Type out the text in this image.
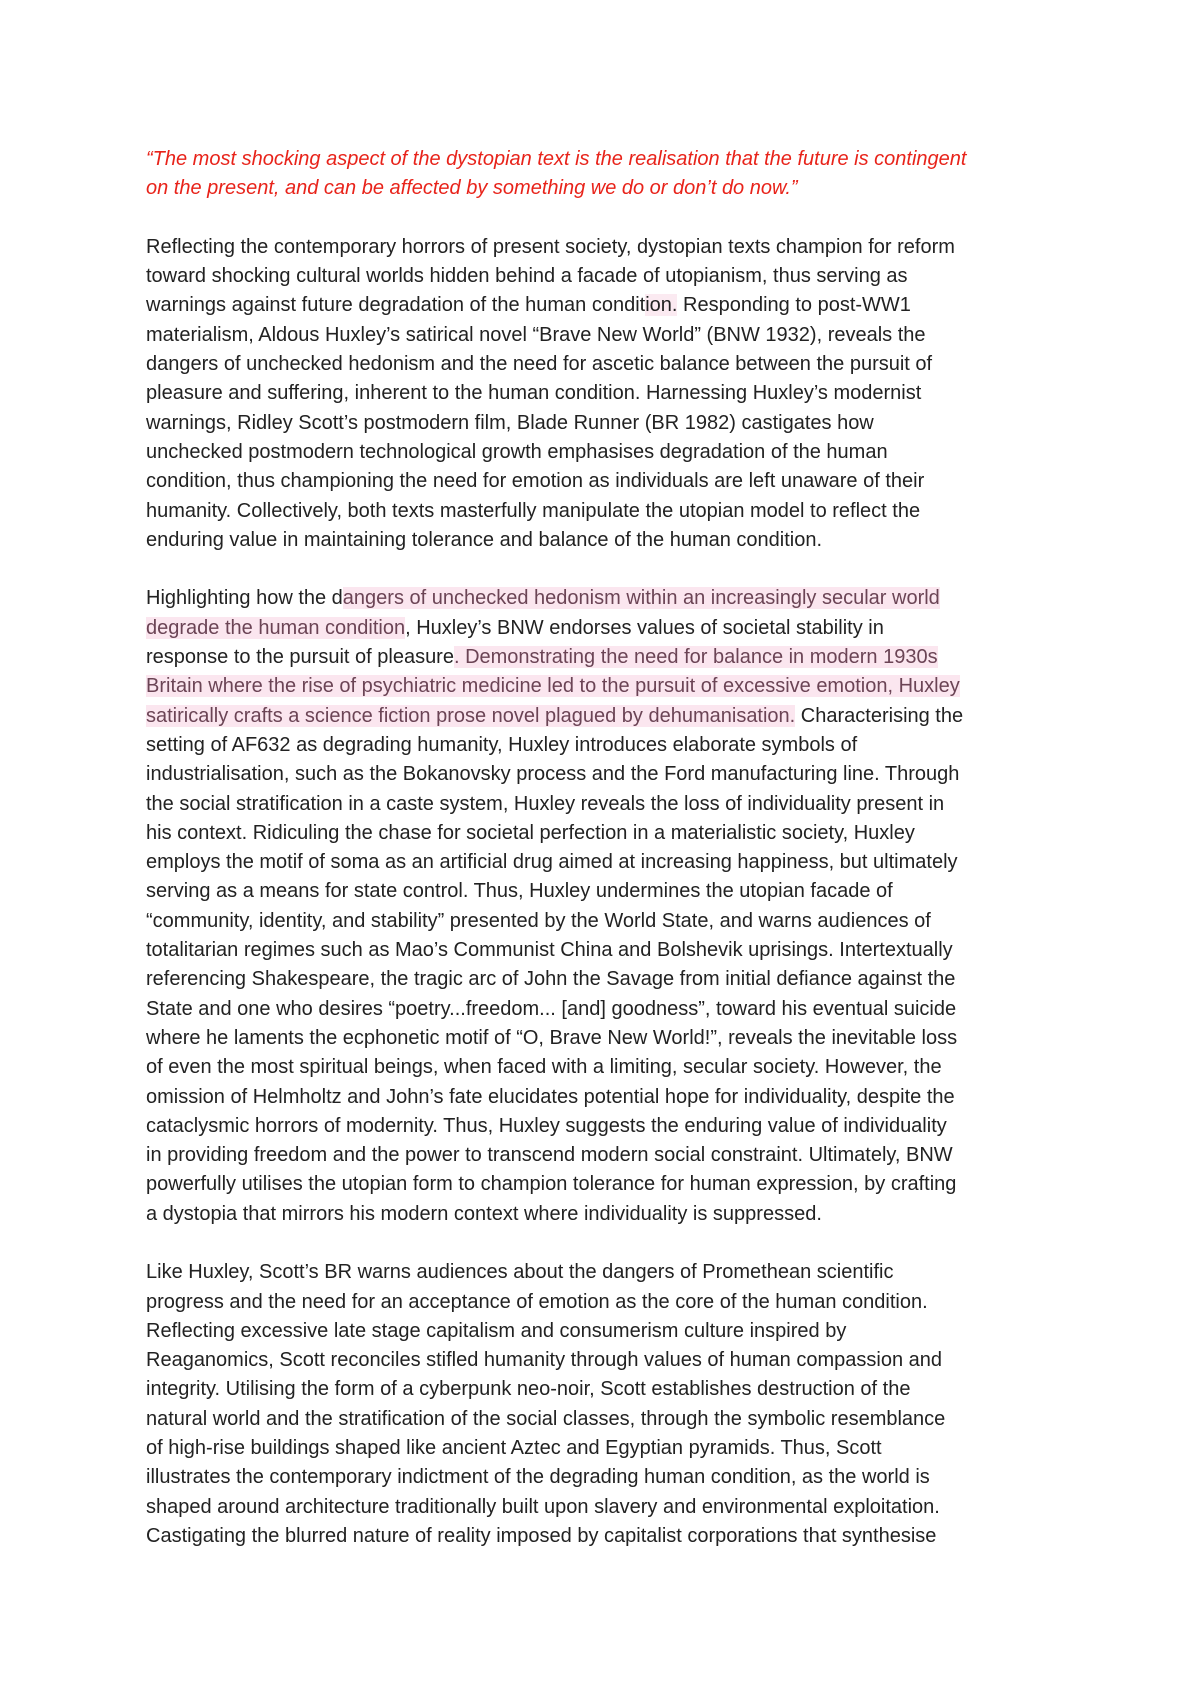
“The most shocking aspect of the dystopian text is the realisation that the future is contingent
on the present, and can be affected by something we do or don’t do now.”
Reflecting the contemporary horrors of present society, dystopian texts champion for reform
toward shocking cultural worlds hidden behind a facade of utopianism, thus serving as
warnings against future degradation of the human condition. Responding to post-WW1
materialism, Aldous Huxley’s satirical novel “Brave New World” (BNW 1932), reveals the
dangers of unchecked hedonism and the need for ascetic balance between the pursuit of
pleasure and suffering, inherent to the human condition. Harnessing Huxley’s modernist
warnings, Ridley Scott’s postmodern film, Blade Runner (BR 1982) castigates how
unchecked postmodern technological growth emphasises degradation of the human
condition, thus championing the need for emotion as individuals are left unaware of their
humanity. Collectively, both texts masterfully manipulate the utopian model to reflect the
enduring value in maintaining tolerance and balance of the human condition.
Highlighting how the dangers of unchecked hedonism within an increasingly secular world
degrade the human condition, Huxley’s BNW endorses values of societal stability in
response to the pursuit of pleasure. Demonstrating the need for balance in modern 1930s
Britain where the rise of psychiatric medicine led to the pursuit of excessive emotion, Huxley
satirically crafts a science fiction prose novel plagued by dehumanisation. Characterising the
setting of AF632 as degrading humanity, Huxley introduces elaborate symbols of
industrialisation, such as the Bokanovsky process and the Ford manufacturing line. Through
the social stratification in a caste system, Huxley reveals the loss of individuality present in
his context. Ridiculing the chase for societal perfection in a materialistic society, Huxley
employs the motif of soma as an artificial drug aimed at increasing happiness, but ultimately
serving as a means for state control. Thus, Huxley undermines the utopian facade of
“community, identity, and stability” presented by the World State, and warns audiences of
totalitarian regimes such as Mao’s Communist China and Bolshevik uprisings. Intertextually
referencing Shakespeare, the tragic arc of John the Savage from initial defiance against the
State and one who desires “poetry...freedom... [and] goodness”, toward his eventual suicide
where he laments the ecphonetic motif of “O, Brave New World!”, reveals the inevitable loss
of even the most spiritual beings, when faced with a limiting, secular society. However, the
omission of Helmholtz and John’s fate elucidates potential hope for individuality, despite the
cataclysmic horrors of modernity. Thus, Huxley suggests the enduring value of individuality
in providing freedom and the power to transcend modern social constraint. Ultimately, BNW
powerfully utilises the utopian form to champion tolerance for human expression, by crafting
a dystopia that mirrors his modern context where individuality is suppressed.
Like Huxley, Scott’s BR warns audiences about the dangers of Promethean scientific
progress and the need for an acceptance of emotion as the core of the human condition.
Reflecting excessive late stage capitalism and consumerism culture inspired by
Reaganomics, Scott reconciles stifled humanity through values of human compassion and
integrity. Utilising the form of a cyberpunk neo-noir, Scott establishes destruction of the
natural world and the stratification of the social classes, through the symbolic resemblance
of high-rise buildings shaped like ancient Aztec and Egyptian pyramids. Thus, Scott
illustrates the contemporary indictment of the degrading human condition, as the world is
shaped around architecture traditionally built upon slavery and environmental exploitation.
Castigating the blurred nature of reality imposed by capitalist corporations that synthesise
